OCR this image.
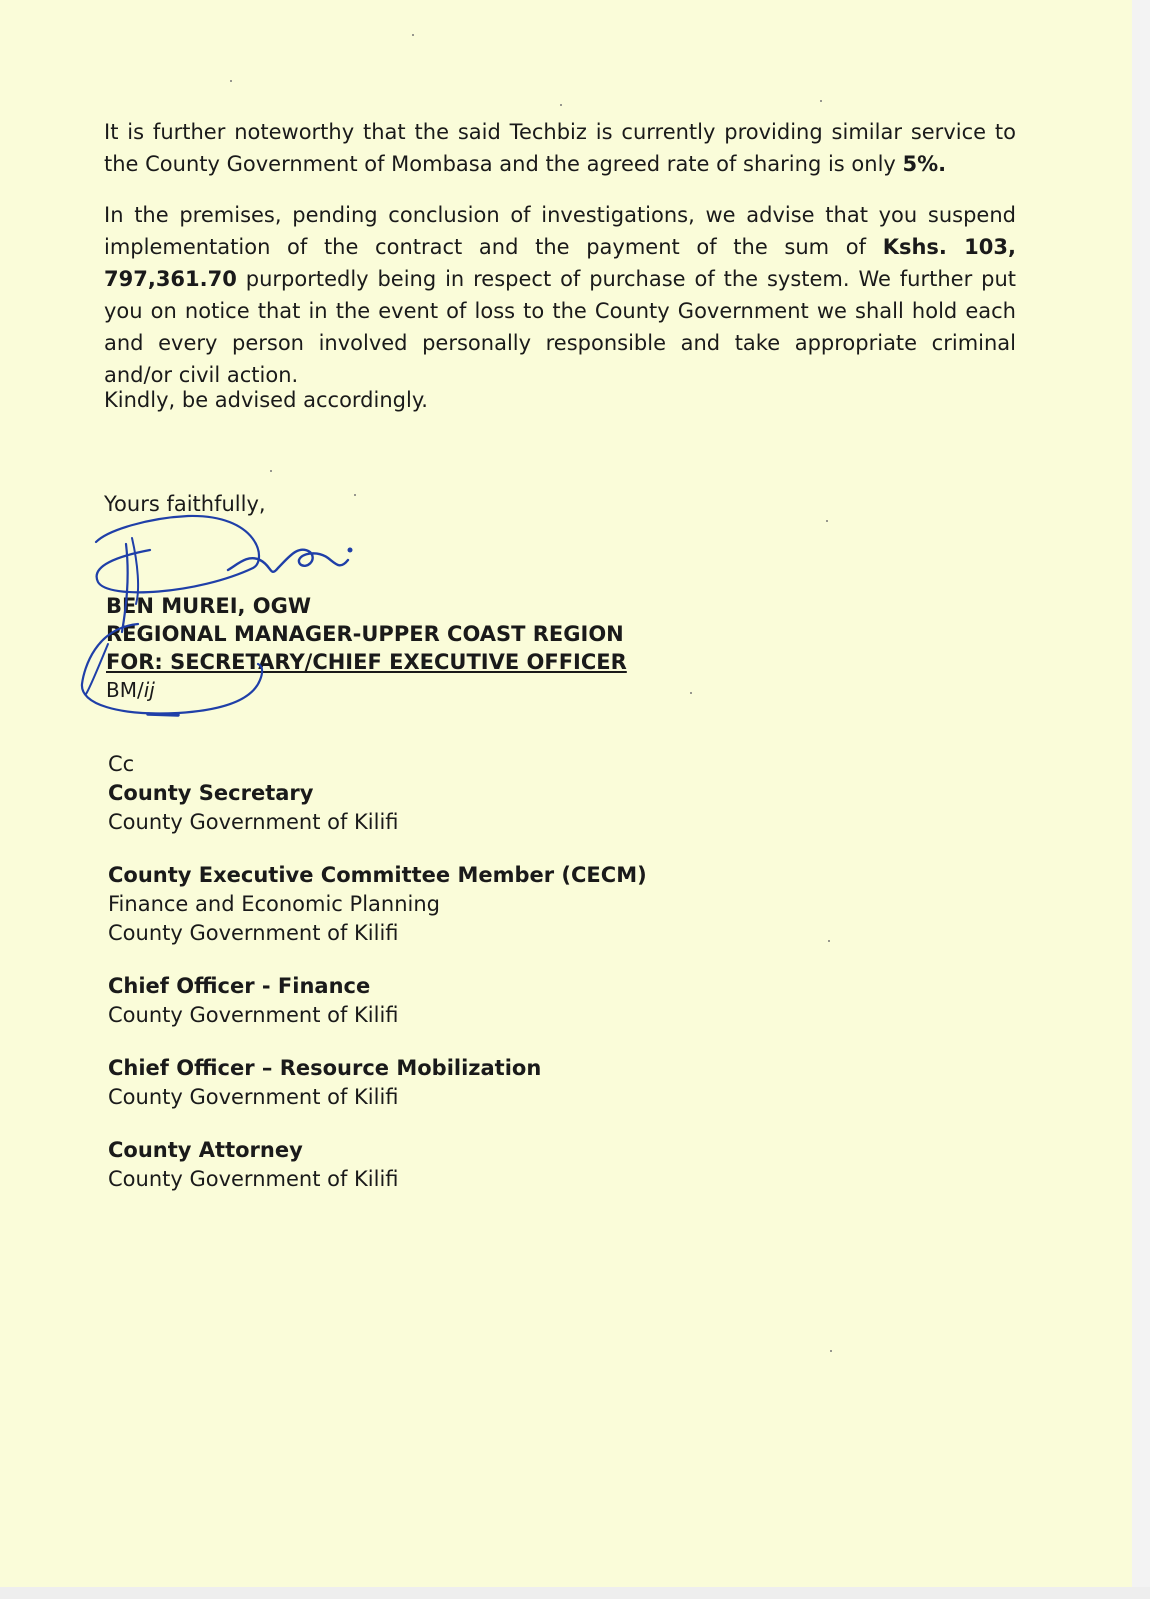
It is further noteworthy that the said Techbiz is currently providing similar service to the County Government of Mombasa and the agreed rate of sharing is only 5%.

In the premises, pending conclusion of investigations, we advise that you suspend implementation of the contract and the payment of the sum of Kshs. 103, 797,361.70 purportedly being in respect of purchase of the system. We further put you on notice that in the event of loss to the County Government we shall hold each and every person involved personally responsible and take appropriate criminal and/or civil action.

Kindly, be advised accordingly.

Yours faithfully,

BEN MUREI, OGW
REGIONAL MANAGER-UPPER COAST REGION
FOR: SECRETARY/CHIEF EXECUTIVE OFFICER
BM/ij

Cc

County Secretary

County Government of Kilifi

County Executive Committee Member (CECM)

Finance and Economic Planning

County Government of Kilifi

Chief Officer - Finance

County Government of Kilifi

Chief Officer – Resource Mobilization

County Government of Kilifi

County Attorney

County Government of Kilifi
